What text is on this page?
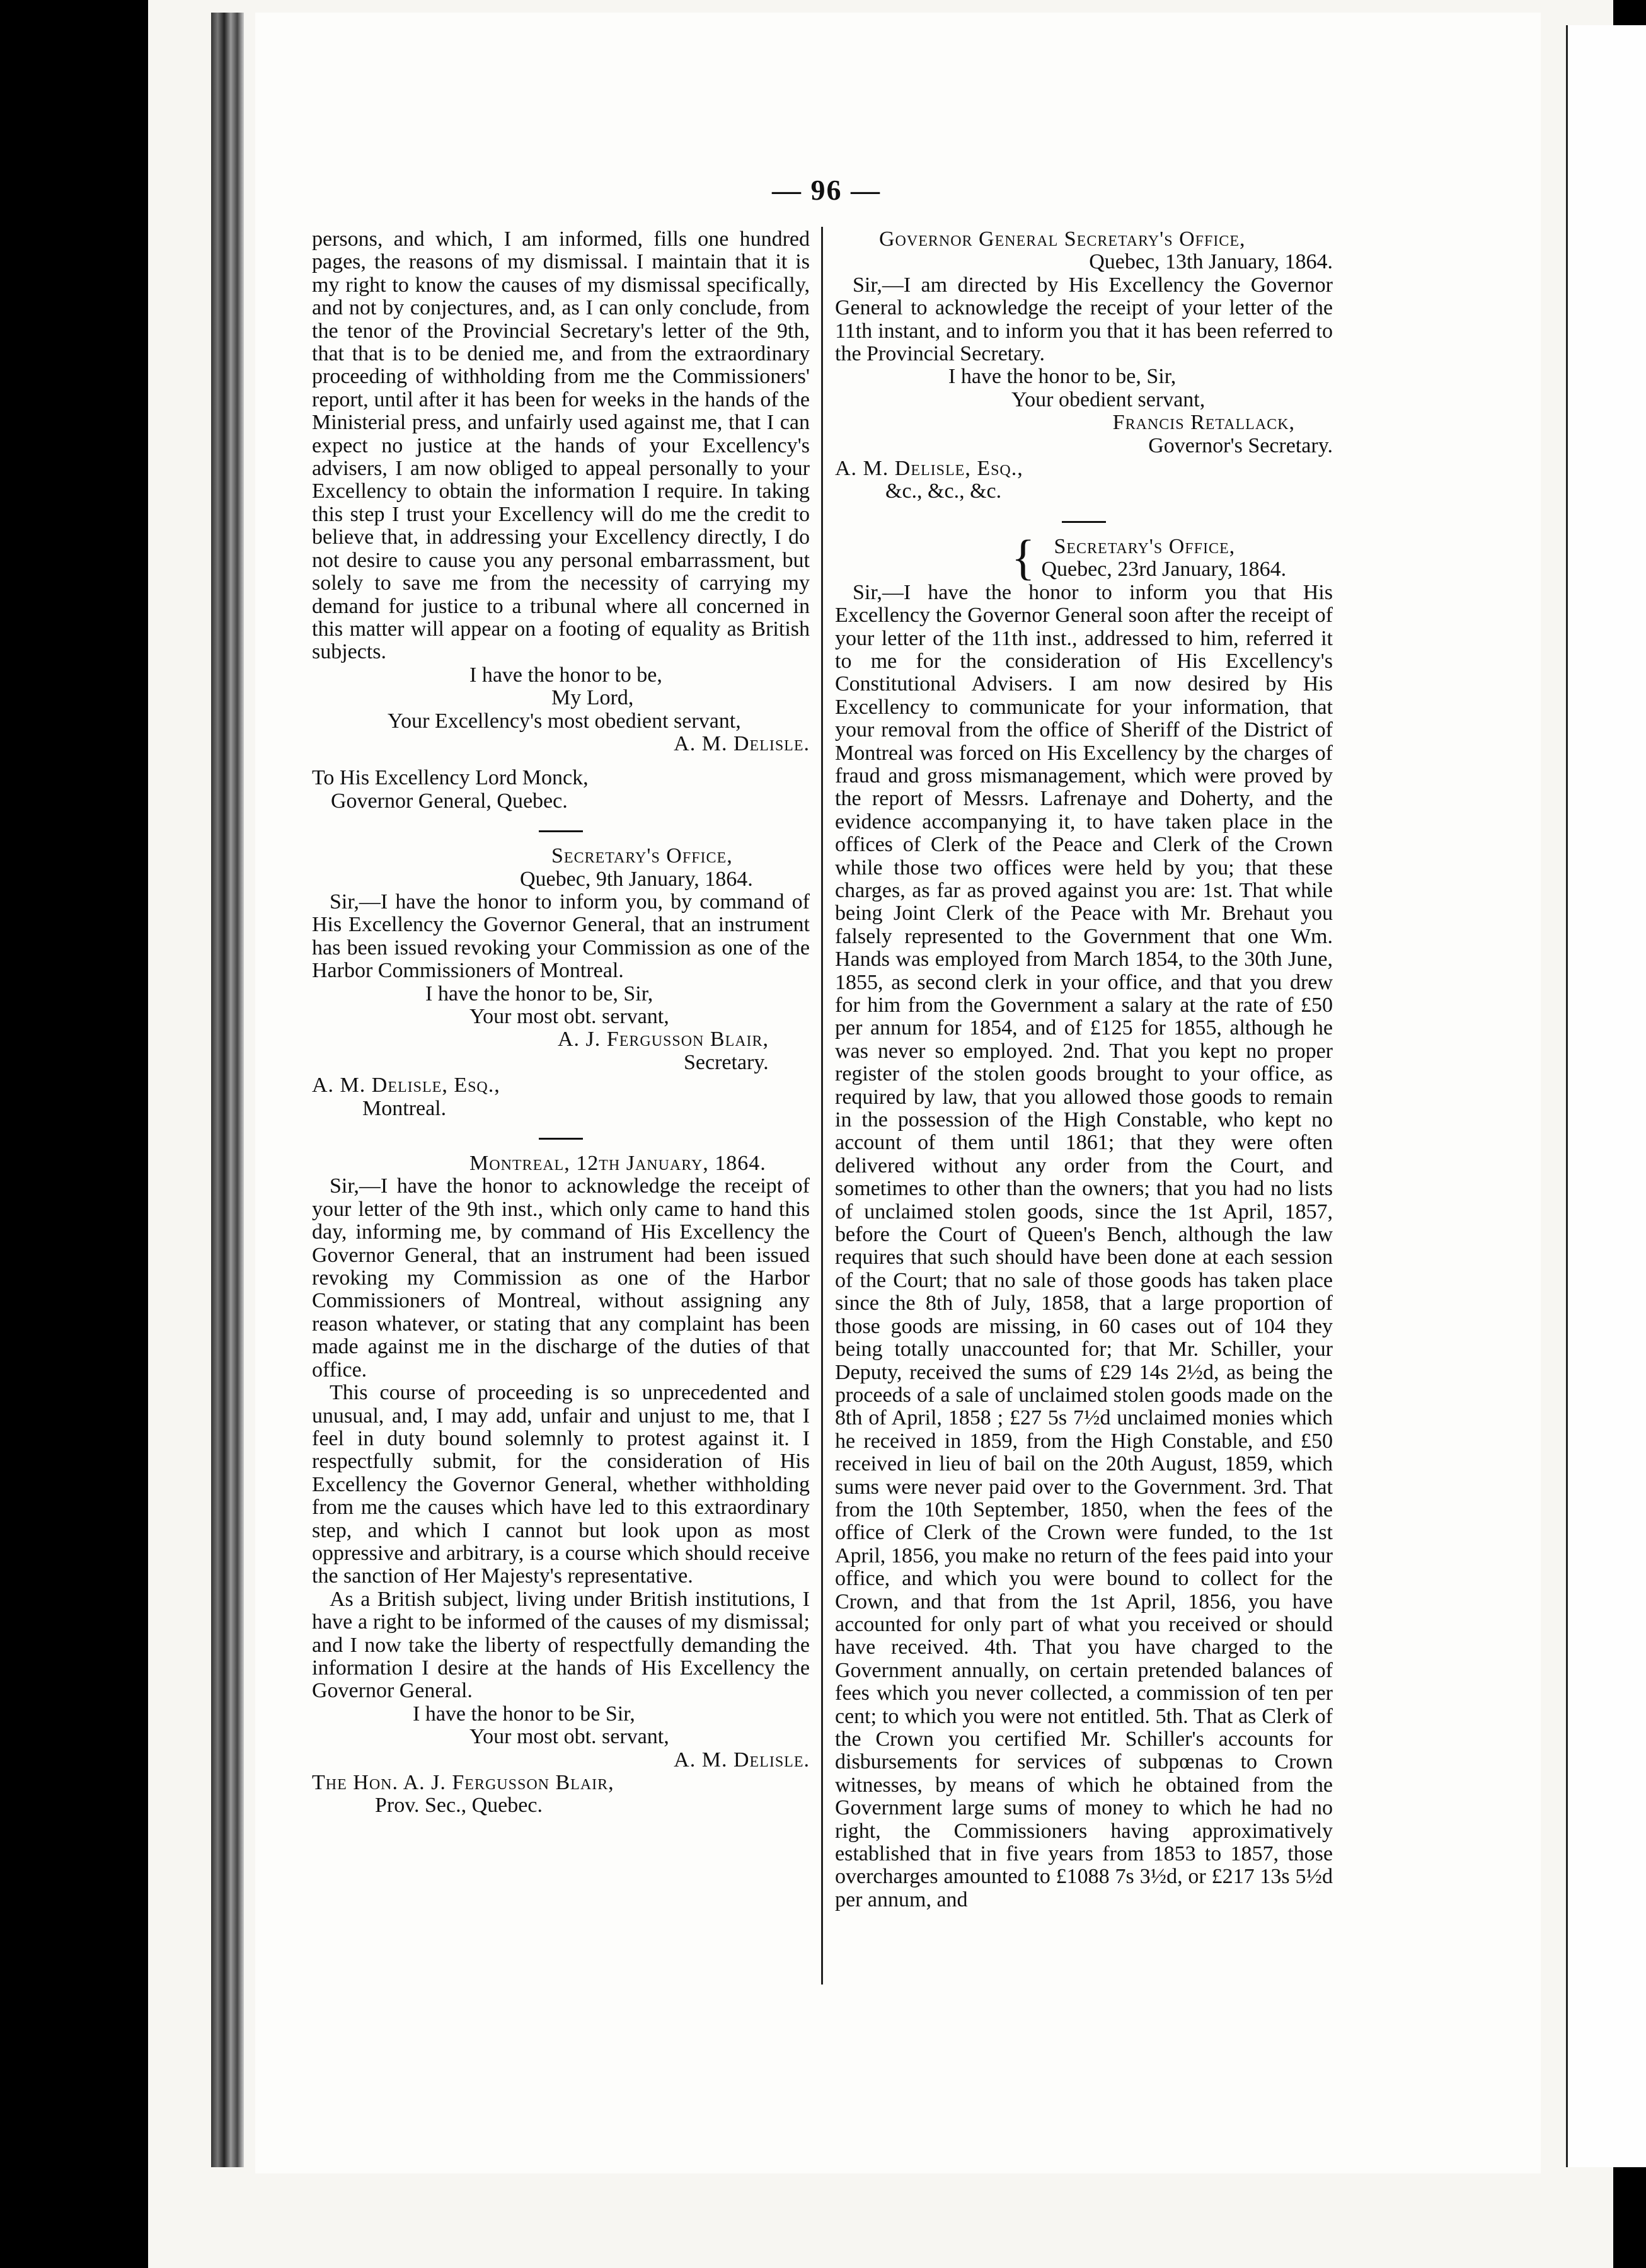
— 96 —

persons, and which, I am informed, fills one hundred pages, the reasons of my dismissal. I maintain that it is my right to know the causes of my dismissal specifically, and not by conjectures, and, as I can only conclude, from the tenor of the Provincial Secretary's letter of the 9th, that that is to be denied me, and from the extraordinary proceeding of withholding from me the Commissioners' report, until after it has been for weeks in the hands of the Ministerial press, and unfairly used against me, that I can expect no justice at the hands of your Excellency's advisers, I am now obliged to appeal personally to your Excellency to obtain the information I require. In taking this step I trust your Excellency will do me the credit to believe that, in addressing your Excellency directly, I do not desire to cause you any personal embarrassment, but solely to save me from the necessity of carrying my demand for justice to a tribunal where all concerned in this matter will appear on a footing of equality as British subjects.

I have the honor to be,

My Lord,

Your Excellency's most obedient servant,

A. M. Delisle.

To His Excellency Lord Monck,

Governor General, Quebec.

Secretary's Office,

Quebec, 9th January, 1864.

Sir,—I have the honor to inform you, by command of His Excellency the Governor General, that an instrument has been issued revoking your Commission as one of the Harbor Commissioners of Montreal.

I have the honor to be, Sir,

Your most obt. servant,

A. J. Fergusson Blair,

Secretary.

A. M. Delisle, Esq.,

Montreal.

Montreal, 12th January, 1864.

Sir,—I have the honor to acknowledge the receipt of your letter of the 9th inst., which only came to hand this day, informing me, by command of His Excellency the Governor General, that an instrument had been issued revoking my Commission as one of the Harbor Commissioners of Montreal, without assigning any reason whatever, or stating that any complaint has been made against me in the discharge of the duties of that office.

This course of proceeding is so unprecedented and unusual, and, I may add, unfair and unjust to me, that I feel in duty bound solemnly to protest against it. I respectfully submit, for the consideration of His Excellency the Governor General, whether withholding from me the causes which have led to this extraordinary step, and which I cannot but look upon as most oppressive and arbitrary, is a course which should receive the sanction of Her Majesty's representative.

As a British subject, living under British institutions, I have a right to be informed of the causes of my dismissal; and I now take the liberty of respectfully demanding the information I desire at the hands of His Excellency the Governor General.

I have the honor to be Sir,

Your most obt. servant,

A. M. Delisle.

The Hon. A. J. Fergusson Blair,

Prov. Sec., Quebec.

Governor General Secretary's Office,

Quebec, 13th January, 1864.

Sir,—I am directed by His Excellency the Governor General to acknowledge the receipt of your letter of the 11th instant, and to inform you that it has been referred to the Provincial Secretary.

I have the honor to be, Sir,

Your obedient servant,

Francis Retallack,

Governor's Secretary.

A. M. Delisle, Esq.,

&c., &c., &c.

{ Secretary's Office,

Quebec, 23rd January, 1864.

Sir,—I have the honor to inform you that His Excellency the Governor General soon after the receipt of your letter of the 11th inst., addressed to him, referred it to me for the consideration of His Excellency's Constitutional Advisers. I am now desired by His Excellency to communicate for your information, that your removal from the office of Sheriff of the District of Montreal was forced on His Excellency by the charges of fraud and gross mismanagement, which were proved by the report of Messrs. Lafrenaye and Doherty, and the evidence accompanying it, to have taken place in the offices of Clerk of the Peace and Clerk of the Crown while those two offices were held by you; that these charges, as far as proved against you are: 1st. That while being Joint Clerk of the Peace with Mr. Brehaut you falsely represented to the Government that one Wm. Hands was employed from March 1854, to the 30th June, 1855, as second clerk in your office, and that you drew for him from the Government a salary at the rate of £50 per annum for 1854, and of £125 for 1855, although he was never so employed. 2nd. That you kept no proper register of the stolen goods brought to your office, as required by law, that you allowed those goods to remain in the possession of the High Constable, who kept no account of them until 1861; that they were often delivered without any order from the Court, and sometimes to other than the owners; that you had no lists of unclaimed stolen goods, since the 1st April, 1857, before the Court of Queen's Bench, although the law requires that such should have been done at each session of the Court; that no sale of those goods has taken place since the 8th of July, 1858, that a large proportion of those goods are missing, in 60 cases out of 104 they being totally unaccounted for; that Mr. Schiller, your Deputy, received the sums of £29 14s 2½d, as being the proceeds of a sale of unclaimed stolen goods made on the 8th of April, 1858 ; £27 5s 7½d unclaimed monies which he received in 1859, from the High Constable, and £50 received in lieu of bail on the 20th August, 1859, which sums were never paid over to the Government. 3rd. That from the 10th September, 1850, when the fees of the office of Clerk of the Crown were funded, to the 1st April, 1856, you make no return of the fees paid into your office, and which you were bound to collect for the Crown, and that from the 1st April, 1856, you have accounted for only part of what you received or should have received. 4th. That you have charged to the Government annually, on certain pretended balances of fees which you never collected, a commission of ten per cent; to which you were not entitled. 5th. That as Clerk of the Crown you certified Mr. Schiller's accounts for disbursements for services of subpœnas to Crown witnesses, by means of which he obtained from the Government large sums of money to which he had no right, the Commissioners having approximatively established that in five years from 1853 to 1857, those overcharges amounted to £1088 7s 3½d, or £217 13s 5½d per annum, and
